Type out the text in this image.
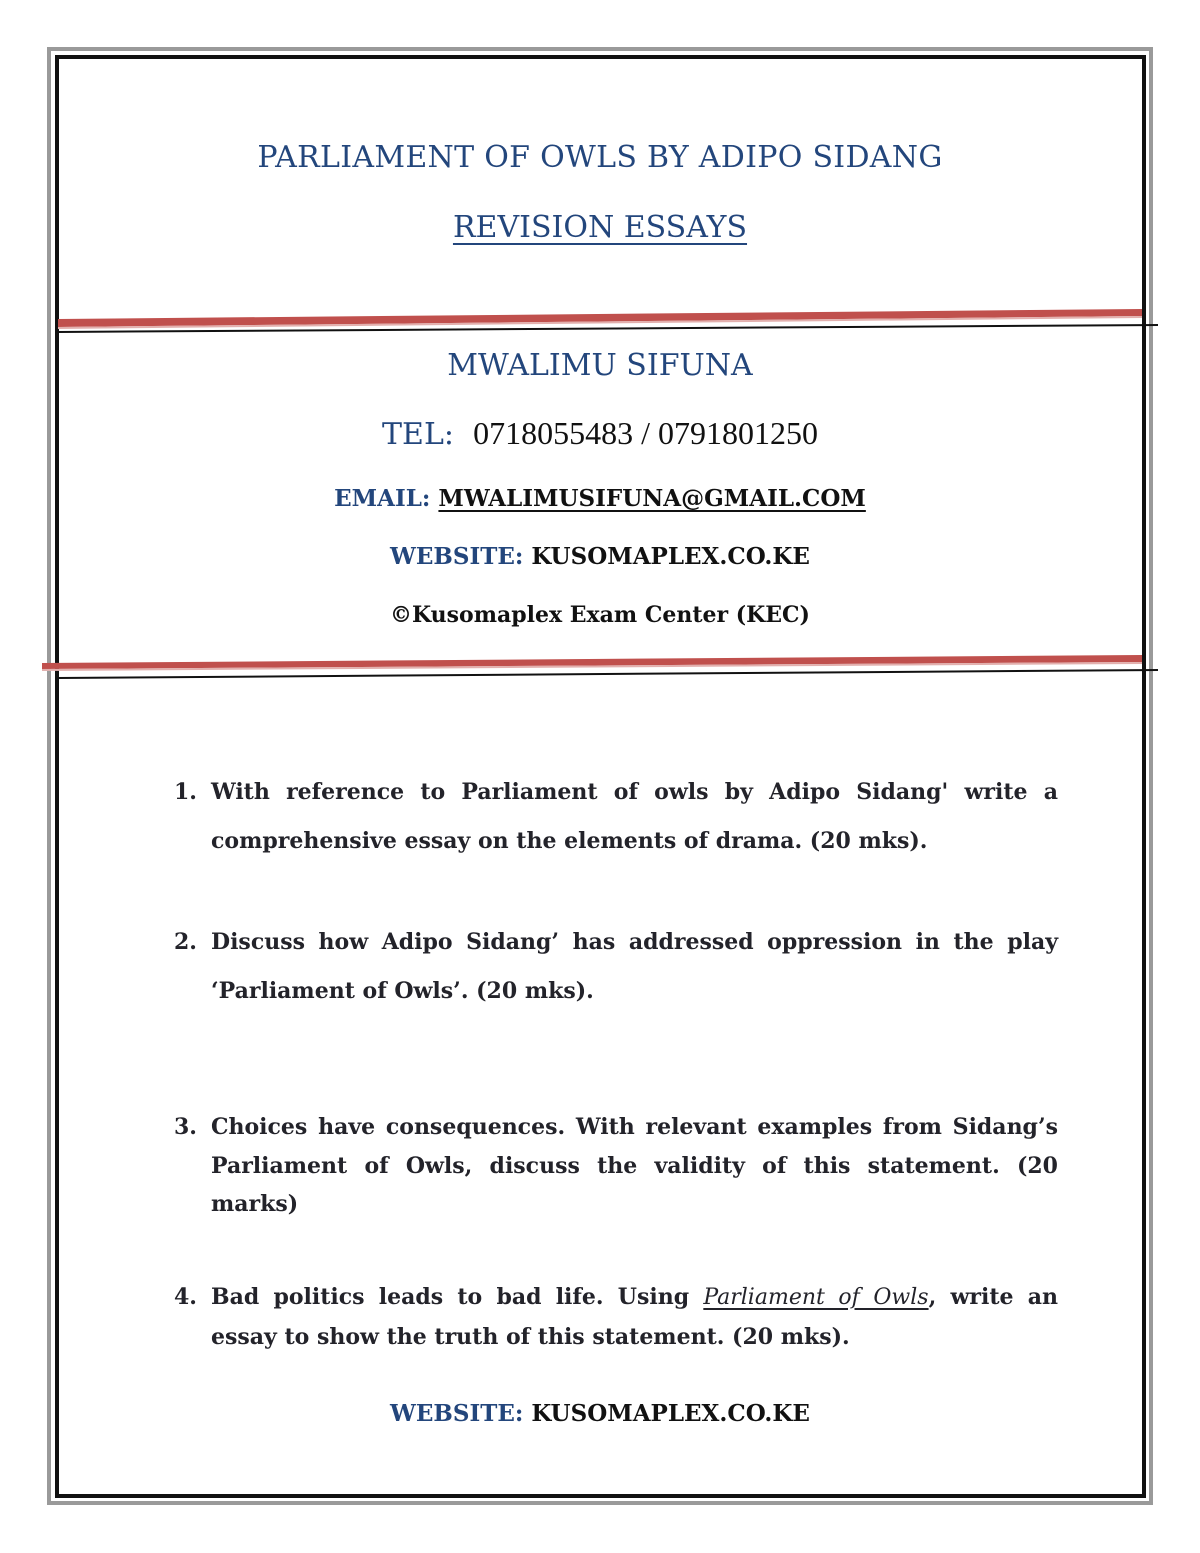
PARLIAMENT OF OWLS BY ADIPO SIDANG
REVISION ESSAYS
MWALIMU SIFUNA
TEL: 0718055483 / 0791801250
EMAIL: MWALIMUSIFUNA@GMAIL.COM
WEBSITE: KUSOMAPLEX.CO.KE
©Kusomaplex Exam Center (KEC)
1. With reference to Parliament of owls by Adipo Sidang' write a comprehensive essay on the elements of drama. (20 mks).
2. Discuss how Adipo Sidang’ has addressed oppression in the play ‘Parliament of Owls’. (20 mks).
3. Choices have consequences. With relevant examples from Sidang’s Parliament of Owls, discuss the validity of this statement. (20 marks)
4. Bad politics leads to bad life. Using Parliament of Owls, write an essay to show the truth of this statement. (20 mks).
WEBSITE: KUSOMAPLEX.CO.KE
